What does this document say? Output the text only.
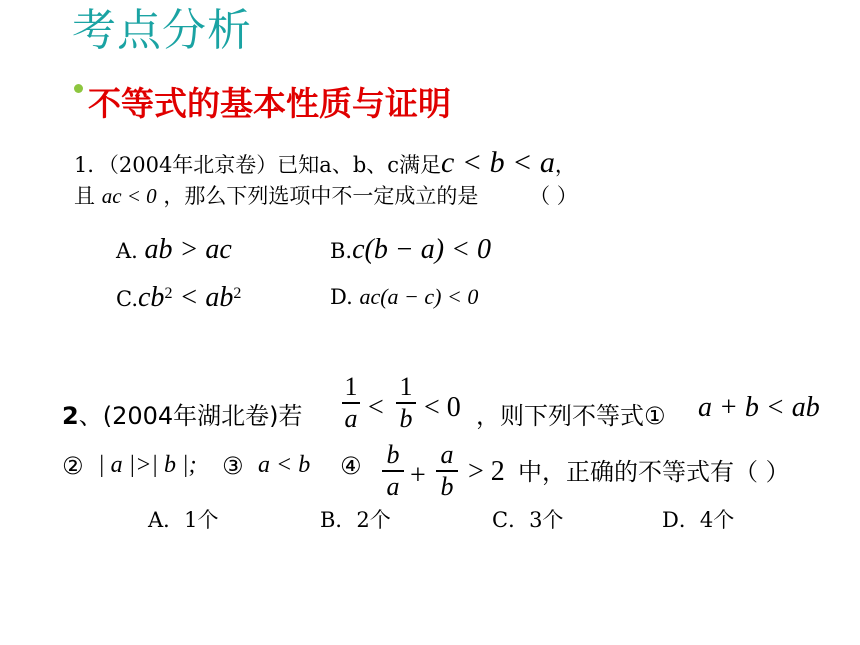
考点分析
不等式的基本性质与证明
1．（2004年北京卷）已知a、b、c满足c < b < a，
且 ac < 0 ，那么下列选项中不一定成立的是 （ ）
A. ab > ac	B.c(b − a) < 0
$C.cb^2 < ab^2$	D. ac(a − c) < 0
2、(2004年湖北卷)若
1
a <
1
b < 0 ，则下列不等式① a + b < ab
② | a |>| b |; ③ a < b ④ b
a +
a
b > 2 中，正确的不等式有（ ）
A．1个	B．2个	C．3个	D．4个
